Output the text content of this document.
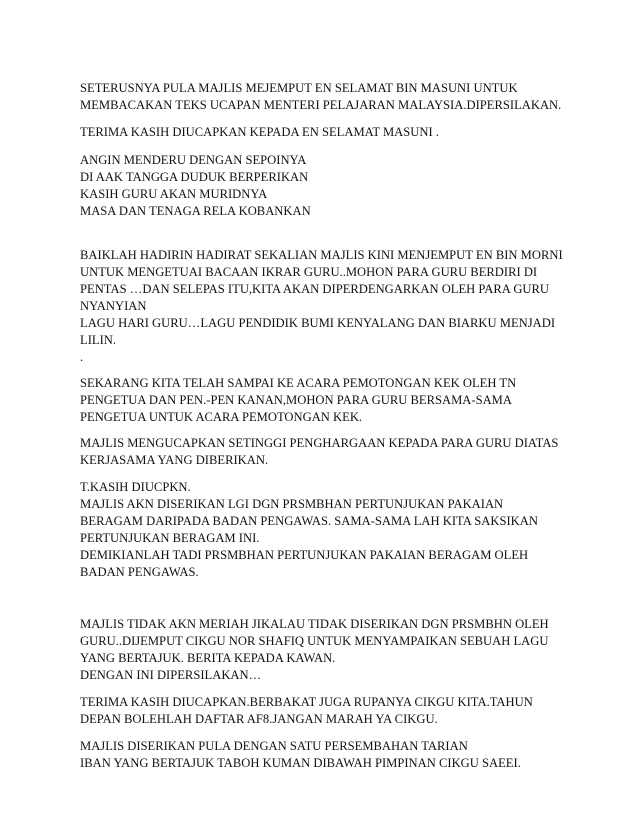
SETERUSNYA PULA MAJLIS MEJEMPUT EN SELAMAT BIN MASUNI UNTUK
MEMBACAKAN TEKS UCAPAN MENTERI PELAJARAN MALAYSIA.DIPERSILAKAN.
TERIMA KASIH DIUCAPKAN KEPADA EN SELAMAT MASUNI .
ANGIN MENDERU DENGAN SEPOINYA
DI AAK TANGGA DUDUK BERPERIKAN
KASIH GURU AKAN MURIDNYA
MASA DAN TENAGA RELA KOBANKAN
BAIKLAH HADIRIN HADIRAT SEKALIAN MAJLIS KINI MENJEMPUT EN BIN MORNI
UNTUK MENGETUAI BACAAN IKRAR GURU..MOHON PARA GURU BERDIRI DI
PENTAS …DAN SELEPAS ITU,KITA AKAN DIPERDENGARKAN OLEH PARA GURU
NYANYIAN
LAGU HARI GURU…LAGU PENDIDIK BUMI KENYALANG DAN BIARKU MENJADI
LILIN.
.
SEKARANG KITA TELAH SAMPAI KE ACARA PEMOTONGAN KEK OLEH TN
PENGETUA DAN PEN.-PEN KANAN,MOHON PARA GURU BERSAMA-SAMA
PENGETUA UNTUK ACARA PEMOTONGAN KEK.
MAJLIS MENGUCAPKAN SETINGGI PENGHARGAAN KEPADA PARA GURU DIATAS
KERJASAMA YANG DIBERIKAN.
T.KASIH DIUCPKN.
MAJLIS AKN DISERIKAN LGI DGN PRSMBHAN PERTUNJUKAN PAKAIAN
BERAGAM DARIPADA BADAN PENGAWAS. SAMA-SAMA LAH KITA SAKSIKAN
PERTUNJUKAN BERAGAM INI.
DEMIKIANLAH TADI PRSMBHAN PERTUNJUKAN PAKAIAN BERAGAM OLEH
BADAN PENGAWAS.
MAJLIS TIDAK AKN MERIAH JIKALAU TIDAK DISERIKAN DGN PRSMBHN OLEH
GURU..DIJEMPUT CIKGU NOR SHAFIQ UNTUK MENYAMPAIKAN SEBUAH LAGU
YANG BERTAJUK. BERITA KEPADA KAWAN.
DENGAN INI DIPERSILAKAN…
TERIMA KASIH DIUCAPKAN.BERBAKAT JUGA RUPANYA CIKGU KITA.TAHUN
DEPAN BOLEHLAH DAFTAR AF8.JANGAN MARAH YA CIKGU.
MAJLIS DISERIKAN PULA DENGAN SATU PERSEMBAHAN TARIAN
IBAN YANG BERTAJUK TABOH KUMAN DIBAWAH PIMPINAN CIKGU SAEEI.
